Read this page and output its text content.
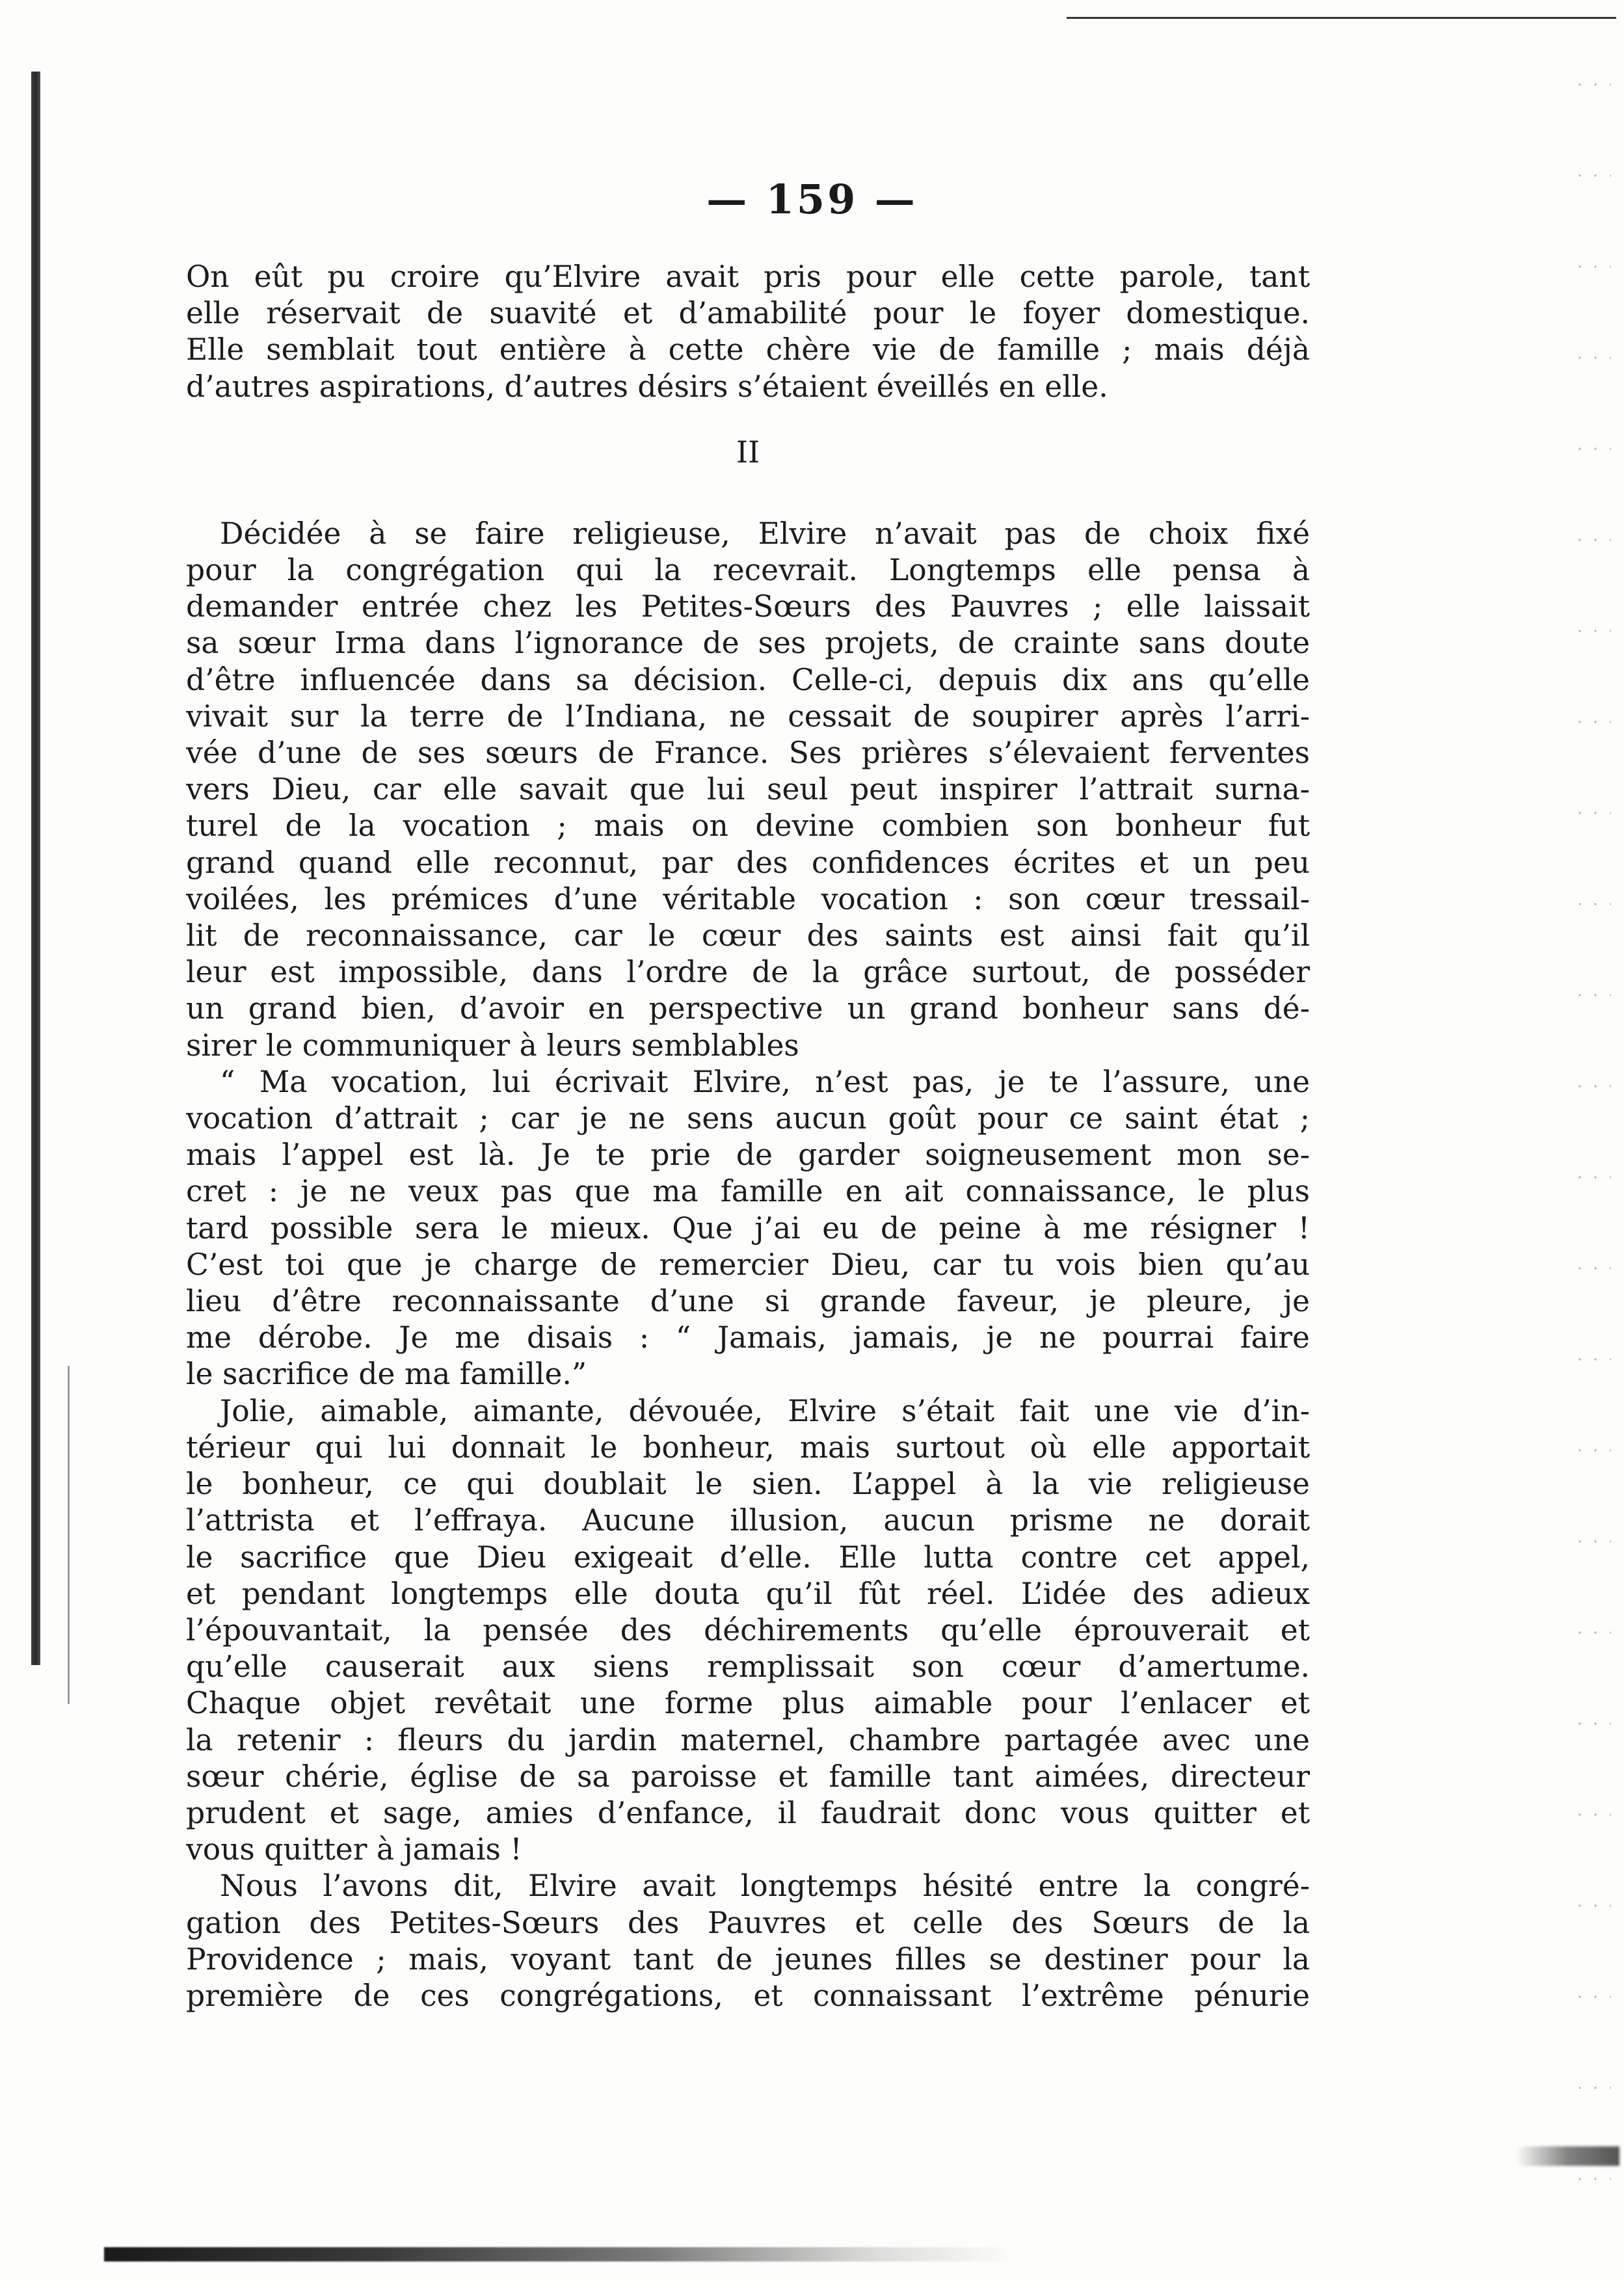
— 159 —
On eût pu croire qu’Elvire avait pris pour elle cette parole, tant
elle réservait de suavité et d’amabilité pour le foyer domestique.
Elle semblait tout entière à cette chère vie de famille ; mais déjà
d’autres aspirations, d’autres désirs s’étaient éveillés en elle.
II
Décidée à se faire religieuse, Elvire n’avait pas de choix fixé
pour la congrégation qui la recevrait. Longtemps elle pensa à
demander entrée chez les Petites-Sœurs des Pauvres ; elle laissait
sa sœur Irma dans l’ignorance de ses projets, de crainte sans doute
d’être influencée dans sa décision. Celle-ci, depuis dix ans qu’elle
vivait sur la terre de l’Indiana, ne cessait de soupirer après l’arri-
vée d’une de ses sœurs de France. Ses prières s’élevaient ferventes
vers Dieu, car elle savait que lui seul peut inspirer l’attrait surna-
turel de la vocation ; mais on devine combien son bonheur fut
grand quand elle reconnut, par des confidences écrites et un peu
voilées, les prémices d’une véritable vocation : son cœur tressail-
lit de reconnaissance, car le cœur des saints est ainsi fait qu’il
leur est impossible, dans l’ordre de la grâce surtout, de posséder
un grand bien, d’avoir en perspective un grand bonheur sans dé-
sirer le communiquer à leurs semblables
“ Ma vocation, lui écrivait Elvire, n’est pas, je te l’assure, une
vocation d’attrait ; car je ne sens aucun goût pour ce saint état ;
mais l’appel est là. Je te prie de garder soigneusement mon se-
cret : je ne veux pas que ma famille en ait connaissance, le plus
tard possible sera le mieux. Que j’ai eu de peine à me résigner !
C’est toi que je charge de remercier Dieu, car tu vois bien qu’au
lieu d’être reconnaissante d’une si grande faveur, je pleure, je
me dérobe. Je me disais : “ Jamais, jamais, je ne pourrai faire
le sacrifice de ma famille.”
Jolie, aimable, aimante, dévouée, Elvire s’était fait une vie d’in-
térieur qui lui donnait le bonheur, mais surtout où elle apportait
le bonheur, ce qui doublait le sien. L’appel à la vie religieuse
l’attrista et l’effraya. Aucune illusion, aucun prisme ne dorait
le sacrifice que Dieu exigeait d’elle. Elle lutta contre cet appel,
et pendant longtemps elle douta qu’il fût réel. L’idée des adieux
l’épouvantait, la pensée des déchirements qu’elle éprouverait et
qu’elle causerait aux siens remplissait son cœur d’amertume.
Chaque objet revêtait une forme plus aimable pour l’enlacer et
la retenir : fleurs du jardin maternel, chambre partagée avec une
sœur chérie, église de sa paroisse et famille tant aimées, directeur
prudent et sage, amies d’enfance, il faudrait donc vous quitter et
vous quitter à jamais !
Nous l’avons dit, Elvire avait longtemps hésité entre la congré-
gation des Petites-Sœurs des Pauvres et celle des Sœurs de la
Providence ; mais, voyant tant de jeunes filles se destiner pour la
première de ces congrégations, et connaissant l’extrême pénurie
